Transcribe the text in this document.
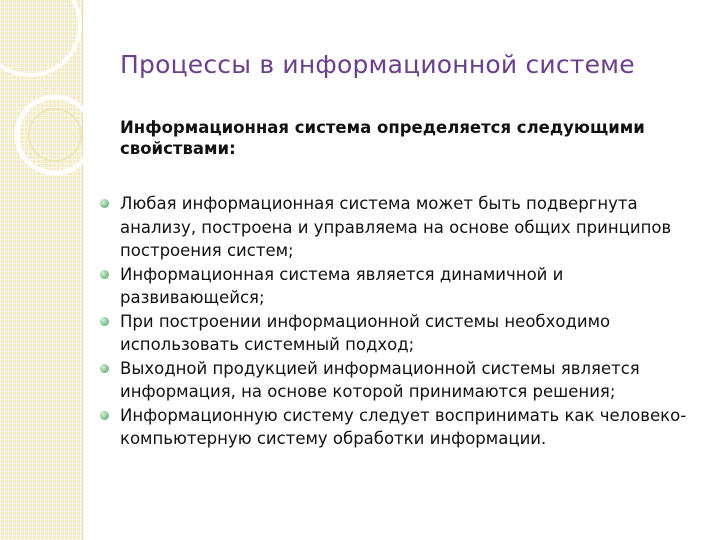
Процессы в информационной системе

Информационная система определяется следующими свойствами:

Любая информационная система может быть подвергнута анализу, построена и управляема на основе общих принципов построения систем;
Информационная система является динамичной и развивающейся;
При построении информационной системы необходимо использовать системный подход;
Выходной продукцией информационной системы является информация, на основе которой принимаются решения;
Информационную систему следует воспринимать как человеко-компьютерную систему обработки информации.
